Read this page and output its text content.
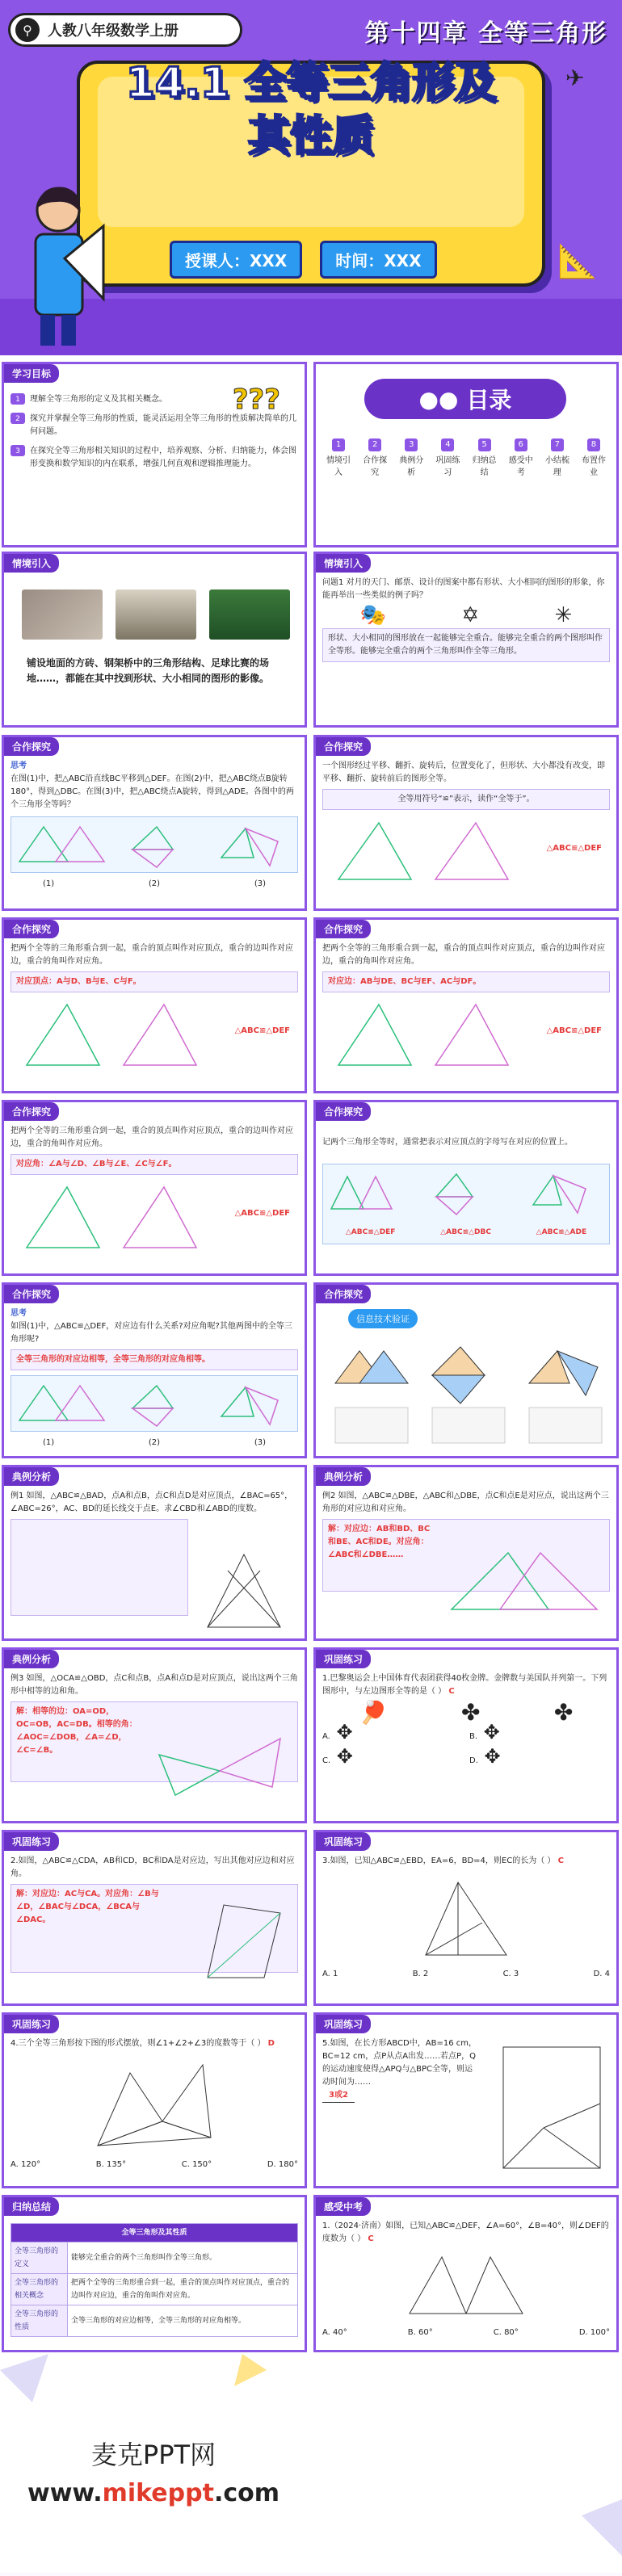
⚲	人教八年级数学上册	第十四章 全等三角形
14.1 全等三角形及
其性质
授课人：XXX	时间：XXX
✈
📐
学习目标
1	理解全等三角形的定义及其相关概念。
2	探究并掌握全等三角形的性质，能灵活运用全等三角形的性质解决简单的几何问题。
3	在探究全等三角形相关知识的过程中，培养观察、分析、归纳能力，体会图形变换和数学知识的内在联系，增强几何直观和逻辑推理能力。
???	●● 目录
1
情境引入
2
合作探究
3
典例分析
4
巩固练习
5
归纳总结
6
感受中考
7
小结梳理
8
布置作业
情境引入
铺设地面的方砖、钢架桥中的三角形结构、足球比赛的场地……，都能在其中找到形状、大小相同的图形的影像。
情境引入
问题1 对月的天门、邮票、设计的图案中都有形状、大小相同的图形的形象，你能再举出一些类似的例子吗？
🎭	✡	✳
形状、大小相同的图形放在一起能够完全重合。能够完全重合的两个图形叫作全等形。能够完全重合的两个三角形叫作全等三角形。
合作探究
思考
在图(1)中，把△ABC沿直线BC平移到△DEF。在图(2)中，把△ABC绕点B旋转180°，得到△DBC。在图(3)中，把△ABC绕点A旋转，得到△ADE。各图中的两个三角形全等吗？
(1)	(2)	(3)
合作探究
一个图形经过平移、翻折、旋转后，位置变化了，但形状、大小都没有改变，即平移、翻折、旋转前后的图形全等。
全等用符号“≌”表示，读作“全等于”。
△ABC≌△DEF
合作探究
把两个全等的三角形重合到一起，重合的顶点叫作对应顶点，重合的边叫作对应边，重合的角叫作对应角。
对应顶点：A与D、B与E、C与F。
△ABC≌△DEF
合作探究
把两个全等的三角形重合到一起，重合的顶点叫作对应顶点，重合的边叫作对应边，重合的角叫作对应角。
对应边：AB与DE、BC与EF、AC与DF。
△ABC≌△DEF
合作探究
把两个全等的三角形重合到一起，重合的顶点叫作对应顶点，重合的边叫作对应边，重合的角叫作对应角。
对应角：∠A与∠D、∠B与∠E、∠C与∠F。
△ABC≌△DEF
合作探究
记两个三角形全等时，通常把表示对应顶点的字母写在对应的位置上。
△ABC≌△DEF	△ABC≌△DBC	△ABC≌△ADE
合作探究
思考
如图(1)中，△ABC≌△DEF，对应边有什么关系?对应角呢?其他两图中的全等三角形呢?
全等三角形的对应边相等，全等三角形的对应角相等。
(1)	(2)	(3)
合作探究
信息技术验证
典例分析
例1 如图，△ABC≌△BAD，点A和点B，点C和点D是对应顶点，∠BAC=65°，∠ABC=26°，AC、BD的延长线交于点E。求∠CBD和∠ABD的度数。
典例分析
例2 如图，△ABC≌△DBE，△ABC和△DBE，点C和点E是对应点，说出这两个三角形的对应边和对应角。
解：对应边：AB和BD、BC和BE、AC和DE。对应角：∠ABC和∠DBE……
典例分析
例3 如图，△OCA≌△OBD，点C和点B，点A和点D是对应顶点，说出这两个三角形中相等的边和角。
解：相等的边：OA=OD，OC=OB，AC=DB。相等的角：∠AOC=∠DOB，∠A=∠D，∠C=∠B。
巩固练习
1.巴黎奥运会上中国体育代表团获得40枚金牌。金牌数与美国队并列第一。下列图形中，与左边图形全等的是（ ） C
🏓	✤	✤
A. ✥	B. ✥
C. ✥	D. ✥
巩固练习
2.如图，△ABC≌△CDA，AB和CD，BC和DA是对应边，写出其他对应边和对应角。
解：对应边：AC与CA。对应角：∠B与∠D，∠BAC与∠DCA，∠BCA与∠DAC。
巩固练习
3.如图，已知△ABC≌△EBD，EA=6，BD=4，则EC的长为（ ） C
A. 1	B. 2	C. 3	D. 4
巩固练习
4.三个全等三角形按下图的形式摆放，则∠1+∠2+∠3的度数等于（ ） D
A. 120°	B. 135°	C. 150°	D. 180°
巩固练习
5.如图，在长方形ABCD中，AB=16 cm，BC=12 cm，点P从点A出发……若点P，Q的运动速度使得△APQ与△BPC全等，则运动时间为……
3或2
归纳总结
全等三角形及其性质	
全等三角形的定义	能够完全重合的两个三角形叫作全等三角形。
全等三角形的相关概念	把两个全等的三角形重合到一起，重合的顶点叫作对应顶点，重合的边叫作对应边，重合的角叫作对应角。
全等三角形的性质	全等三角形的对应边相等，全等三角形的对应角相等。
感受中考
1.（2024·济南）如图，已知△ABC≌△DEF，∠A=60°，∠B=40°，则∠DEF的度数为（ ） C
A. 40°	B. 60°	C. 80°	D. 100°
麦克PPT网
www.mikeppt.com
